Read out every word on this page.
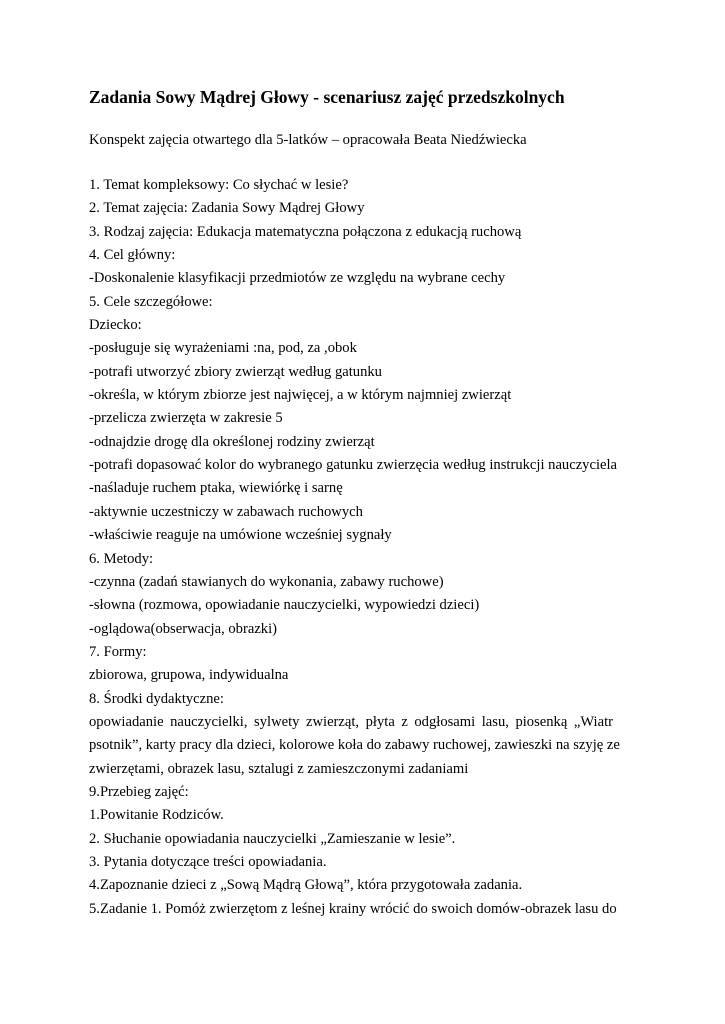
Zadania Sowy Mądrej Głowy - scenariusz zajęć przedszkolnych
Konspekt zajęcia otwartego dla 5-latków – opracowała Beata Niedźwiecka
1. Temat kompleksowy: Co słychać w lesie?
2. Temat zajęcia: Zadania Sowy Mądrej Głowy
3. Rodzaj zajęcia: Edukacja matematyczna połączona z edukacją ruchową
4. Cel główny:
-Doskonalenie klasyfikacji przedmiotów ze względu na wybrane cechy
5. Cele szczegółowe:
Dziecko:
-posługuje się wyrażeniami :na, pod, za ,obok
-potrafi utworzyć zbiory zwierząt według gatunku
-określa, w którym zbiorze jest najwięcej, a w którym najmniej zwierząt
-przelicza zwierzęta w zakresie 5
-odnajdzie drogę dla określonej rodziny zwierząt
-potrafi dopasować kolor do wybranego gatunku zwierzęcia według instrukcji nauczyciela
-naśladuje ruchem ptaka, wiewiórkę i sarnę
-aktywnie uczestniczy w zabawach ruchowych
-właściwie reaguje na umówione wcześniej sygnały
6. Metody:
-czynna (zadań stawianych do wykonania, zabawy ruchowe)
-słowna (rozmowa, opowiadanie nauczycielki, wypowiedzi dzieci)
-oglądowa(obserwacja, obrazki)
7. Formy:
zbiorowa, grupowa, indywidualna
8. Środki dydaktyczne:
opowiadanie nauczycielki, sylwety zwierząt, płyta z odgłosami lasu, piosenką „Wiatr
psotnik”, karty pracy dla dzieci, kolorowe koła do zabawy ruchowej, zawieszki na szyję ze
zwierzętami, obrazek lasu, sztalugi z zamieszczonymi zadaniami
9.Przebieg zajęć:
1.Powitanie Rodziców.
2. Słuchanie opowiadania nauczycielki „Zamieszanie w lesie”.
3. Pytania dotyczące treści opowiadania.
4.Zapoznanie dzieci z „Sową Mądrą Głową”, która przygotowała zadania.
5.Zadanie 1. Pomóż zwierzętom z leśnej krainy wrócić do swoich domów-obrazek lasu do
